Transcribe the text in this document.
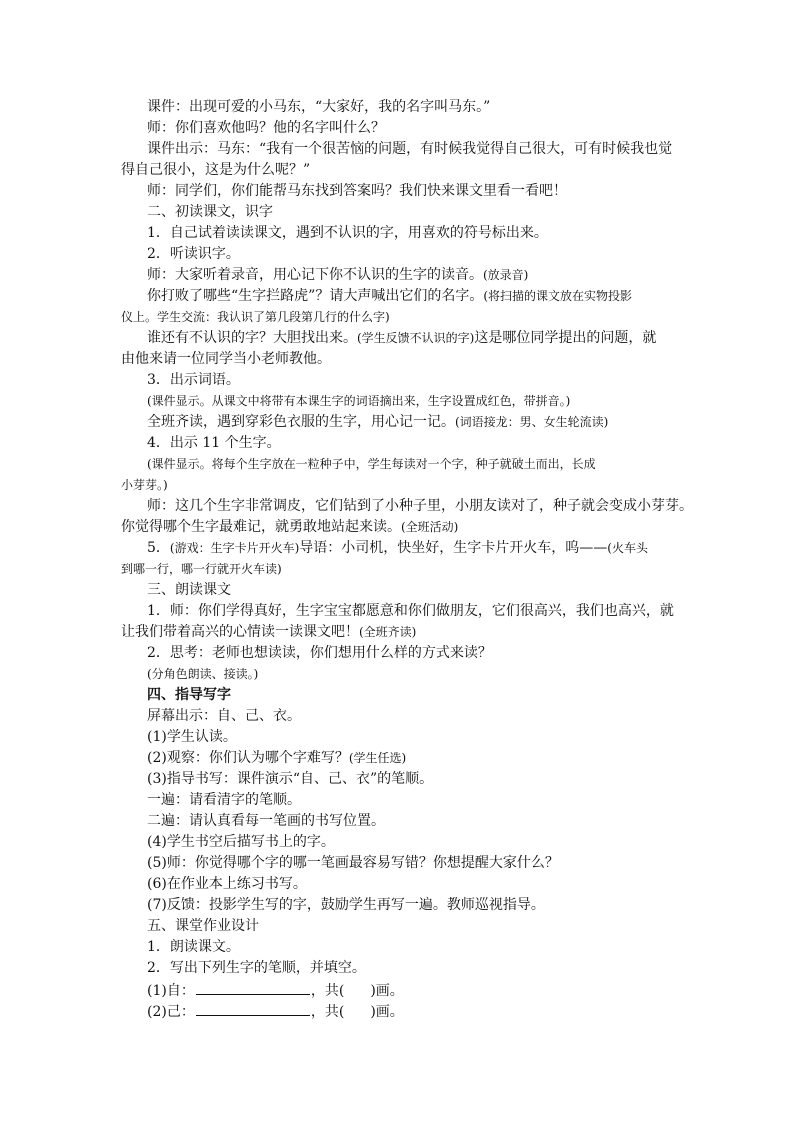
课件：出现可爱的小马东，“大家好，我的名字叫马东。”

师：你们喜欢他吗？他的名字叫什么？

课件出示：马东：“我有一个很苦恼的问题，有时候我觉得自己很大，可有时候我也觉

得自己很小，这是为什么呢？”

师：同学们，你们能帮马东找到答案吗？我们快来课文里看一看吧！

二、初读课文，识字

1．自己试着读读课文，遇到不认识的字，用喜欢的符号标出来。

2．听读识字。

师：大家听着录音，用心记下你不认识的生字的读音。(放录音)

你打败了哪些“生字拦路虎”？请大声喊出它们的名字。(将扫描的课文放在实物投影

仪上。学生交流：我认识了第几段第几行的什么字)

谁还有不认识的字？大胆找出来。(学生反馈不认识的字)这是哪位同学提出的问题，就

由他来请一位同学当小老师教他。

3．出示词语。

(课件显示。从课文中将带有本课生字的词语摘出来，生字设置成红色，带拼音。)

全班齐读，遇到穿彩色衣服的生字，用心记一记。(词语接龙：男、女生轮流读)

4．出示 11 个生字。

(课件显示。将每个生字放在一粒种子中，学生每读对一个字，种子就破土而出，长成

小芽芽。)

师：这几个生字非常调皮，它们钻到了小种子里，小朋友读对了，种子就会变成小芽芽。

你觉得哪个生字最难记，就勇敢地站起来读。(全班活动)

5．(游戏：生字卡片开火车)导语：小司机，快坐好，生字卡片开火车，呜——(火车头

到哪一行，哪一行就开火车读)

三、朗读课文

1．师：你们学得真好，生字宝宝都愿意和你们做朋友，它们很高兴，我们也高兴，就

让我们带着高兴的心情读一读课文吧！(全班齐读)

2．思考：老师也想读读，你们想用什么样的方式来读？

(分角色朗读、接读。)

四、指导写字

屏幕出示：自、己、衣。

(1)学生认读。

(2)观察：你们认为哪个字难写？(学生任选)

(3)指导书写：课件演示“自、己、衣”的笔顺。

一遍：请看清字的笔顺。

二遍：请认真看每一笔画的书写位置。

(4)学生书空后描写书上的字。

(5)师：你觉得哪个字的哪一笔画最容易写错？你想提醒大家什么？

(6)在作业本上练习书写。

(7)反馈：投影学生写的字，鼓励学生再写一遍。教师巡视指导。

五、课堂作业设计

1．朗读课文。

2．写出下列生字的笔顺，并填空。

(1)自：	，共( )画。

(2)己：	，共( )画。
